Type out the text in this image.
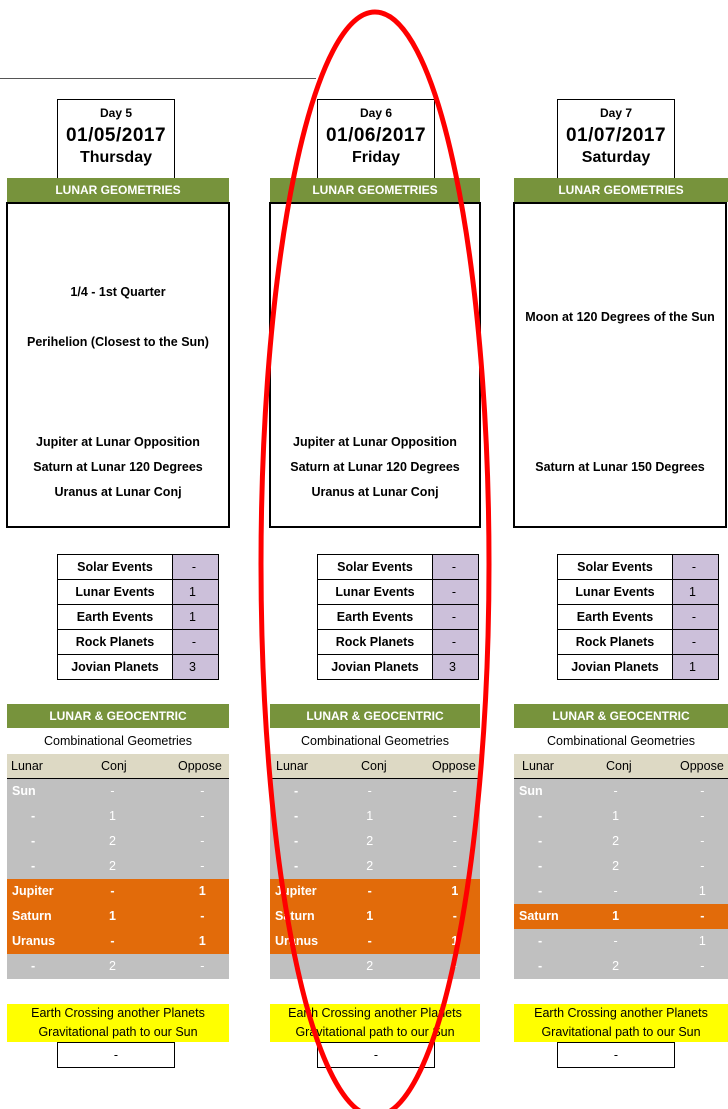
Day 5
01/05/2017
Thursday
LUNAR GEOMETRIES
1/4 - 1st Quarter
Perihelion (Closest to the Sun)
Jupiter at Lunar Opposition
Saturn at Lunar 120 Degrees
Uranus at Lunar Conj
Solar Events	-
Lunar Events	1
Earth Events	1
Rock Planets	-
Jovian Planets	3
LUNAR & GEOCENTRIC
Combinational Geometries
Lunar	Conj	Oppose
Earth Crossing another Planets
Gravitational path to our Sun
-
Day 6
01/06/2017
Friday
LUNAR GEOMETRIES
Jupiter at Lunar Opposition
Saturn at Lunar 120 Degrees
Uranus at Lunar Conj
Solar Events	-
Lunar Events	-
Earth Events	-
Rock Planets	-
Jovian Planets	3
LUNAR & GEOCENTRIC
Combinational Geometries
Lunar	Conj	Oppose
Earth Crossing another Planets
Gravitational path to our Sun
-
Day 7
01/07/2017
Saturday
LUNAR GEOMETRIES
Moon at 120 Degrees of the Sun
Saturn at Lunar 150 Degrees
Solar Events	-
Lunar Events	1
Earth Events	-
Rock Planets	-
Jovian Planets	1
LUNAR & GEOCENTRIC
Combinational Geometries
Lunar	Conj	Oppose
Earth Crossing another Planets
Gravitational path to our Sun
-
Sun	-	-
-	1	-
-	2	-
-	2	-
Jupiter	-	1
Saturn	1	-
Uranus	-	1
-	2	-
-	-	-
-	1	-
-	2	-
-	2	-
Jupiter	-	1
Saturn	1	-
Uranus	-	1
-	2	-
Sun	-	-
-	1	-
-	2	-
-	2	-
-	-	1
Saturn	1	-
-	-	1
-	2	-
